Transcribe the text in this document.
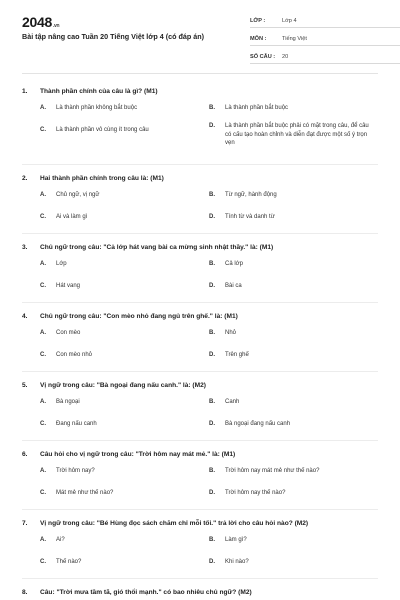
2048.vn
Bài tập nâng cao Tuần 20 Tiếng Việt lớp 4 (có đáp án)
LỚP :	Lớp 4
MÔN :	Tiếng Việt
SỐ CÂU :	20
1.	Thành phần chính của câu là gì? (M1)
A.	Là thành phần không bắt buộc	B.	Là thành phần bắt buộc
C.	Là thành phần vô cùng ít trong câu
D.	Là thành phần bắt buộc phải có mặt trong câu, để câu có cấu tạo hoàn chỉnh và diễn đạt được một số ý trọn vẹn
2.	Hai thành phần chính trong câu là: (M1)
A.	Chủ ngữ, vị ngữ	B.	Từ ngữ, hành động
C.	Ai và làm gì	D.	Tính từ và danh từ
3.	Chủ ngữ trong câu: "Cả lớp hát vang bài ca mừng sinh nhật thầy." là: (M1)
A.	Lớp	B.	Cả lớp
C.	Hát vang	D.	Bài ca
4.	Chủ ngữ trong câu: "Con mèo nhỏ đang ngủ trên ghế." là: (M1)
A.	Con mèo	B.	Nhỏ
C.	Con mèo nhỏ	D.	Trên ghế
5.	Vị ngữ trong câu: "Bà ngoại đang nấu canh." là: (M2)
A.	Bà ngoại	B.	Canh
C.	Đang nấu canh	D.	Bà ngoại đang nấu canh
6.	Câu hỏi cho vị ngữ trong câu: "Trời hôm nay mát mẻ." là: (M1)
A.	Trời hôm nay?	B.	Trời hôm nay mát mẻ như thế nào?
C.	Mát mẻ như thế nào?	D.	Trời hôm nay thế nào?
7.	Vị ngữ trong câu: "Bé Hùng đọc sách chăm chỉ mỗi tối." trả lời cho câu hỏi nào? (M2)
A.	Ai?	B.	Làm gì?
C.	Thế nào?	D.	Khi nào?
8.	Câu: "Trời mưa tầm tã, gió thổi mạnh." có bao nhiêu chủ ngữ? (M2)
